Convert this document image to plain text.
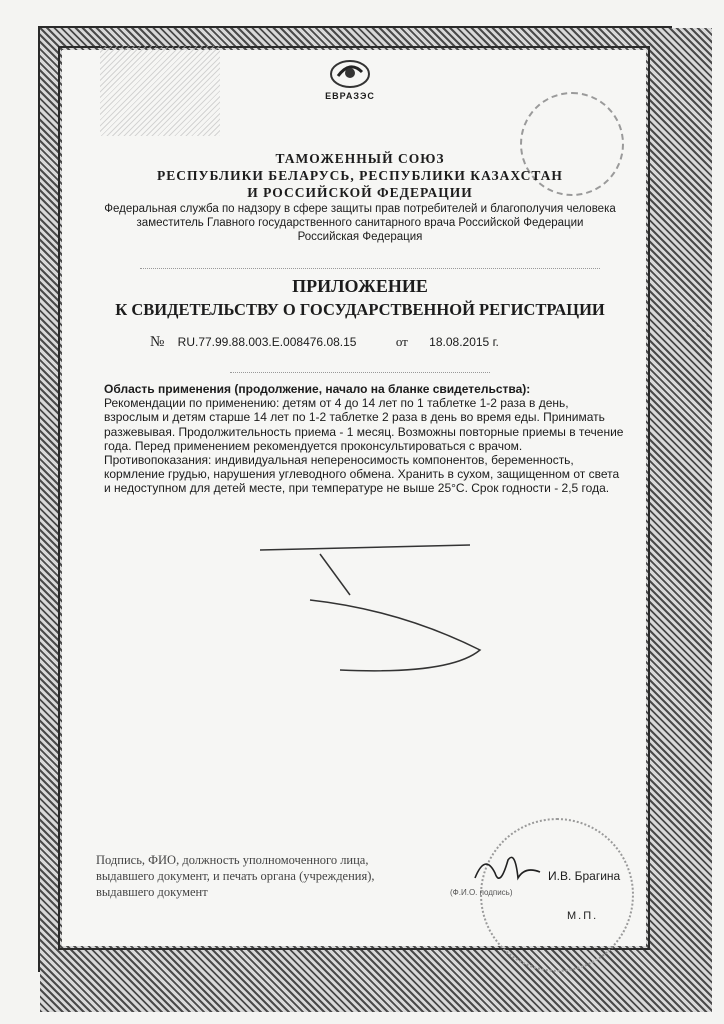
ЕВРАЗЭС
ТАМОЖЕННЫЙ СОЮЗ
РЕСПУБЛИКИ БЕЛАРУСЬ, РЕСПУБЛИКИ КАЗАХСТАН
И РОССИЙСКОЙ ФЕДЕРАЦИИ
Федеральная служба по надзору в сфере защиты прав потребителей и благополучия человека
заместитель Главного государственного санитарного врача Российской Федерации
Российская Федерация
ПРИЛОЖЕНИЕ
К СВИДЕТЕЛЬСТВУ О ГОСУДАРСТВЕННОЙ РЕГИСТРАЦИИ
№ RU.77.99.88.003.Е.008476.08.15	от 18.08.2015 г.
Область применения (продолжение, начало на бланке свидетельства):
Рекомендации по применению: детям от 4 до 14 лет по 1 таблетке 1-2 раза в день, взрослым и детям старше 14 лет по 1-2 таблетке 2 раза в день во время еды. Принимать разжевывая. Продолжительность приема - 1 месяц. Возможны повторные приемы в течение года. Перед применением рекомендуется проконсультироваться с врачом. Противопоказания: индивидуальная непереносимость компонентов, беременность, кормление грудью, нарушения углеводного обмена. Хранить в сухом, защищенном от света и недоступном для детей месте, при температуре не выше 25°С. Срок годности - 2,5 года.
Подпись, ФИО, должность уполномоченного лица, выдавшего документ, и печать органа (учреждения), выдавшего документ
И.В. Брагина
(Ф.И.О. подпись)
М.П.
